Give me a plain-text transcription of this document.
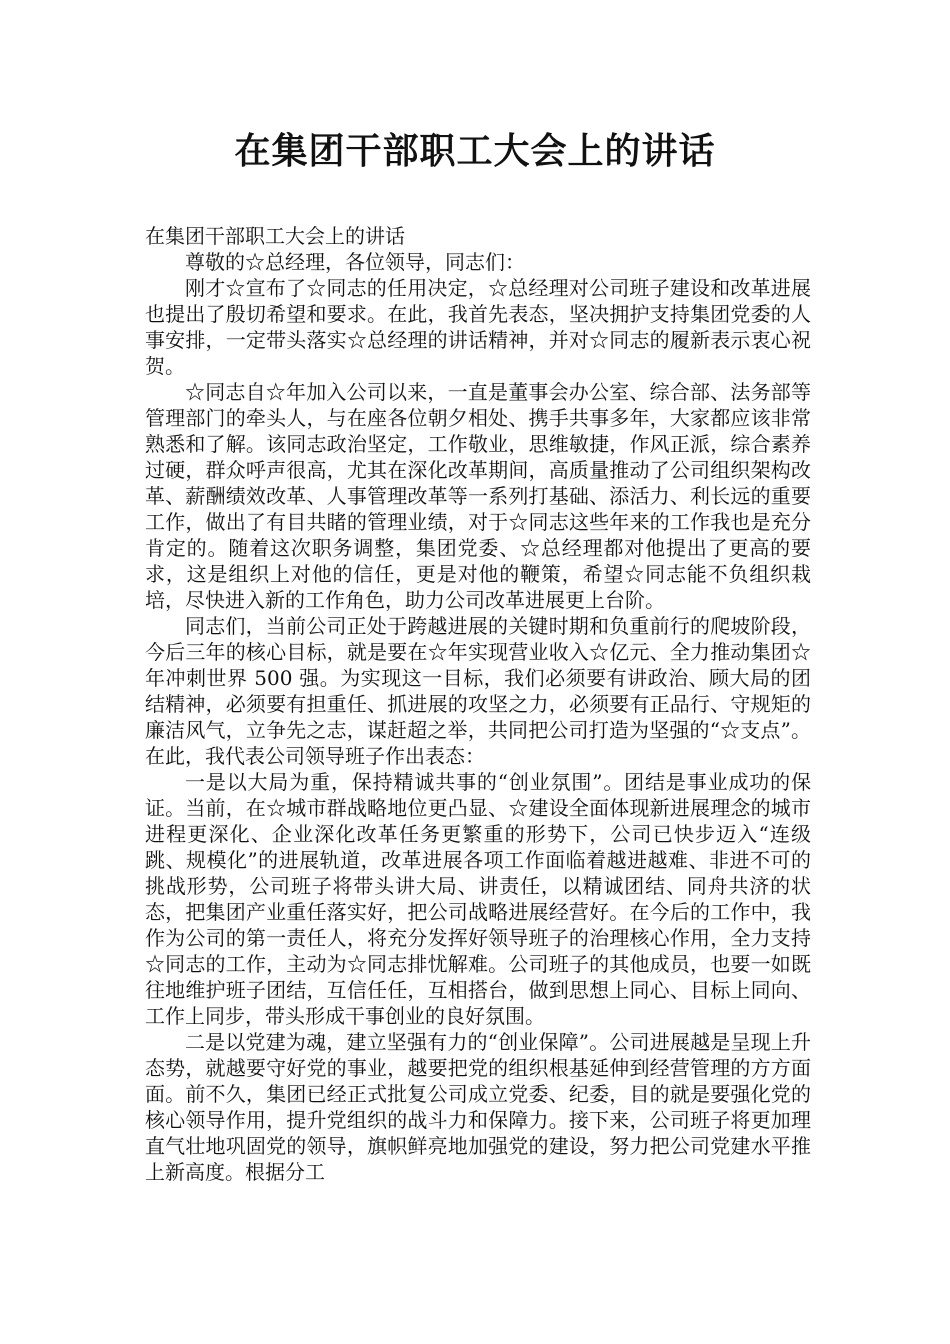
在集团干部职工大会上的讲话

在集团干部职工大会上的讲话

尊敬的☆总经理，各位领导，同志们：

刚才☆宣布了☆同志的任用决定，☆总经理对公司班子建设和改革进展也提出了殷切希望和要求。在此，我首先表态，坚决拥护支持集团党委的人事安排，一定带头落实☆总经理的讲话精神，并对☆同志的履新表示衷心祝贺。

☆同志自☆年加入公司以来，一直是董事会办公室、综合部、法务部等管理部门的牵头人，与在座各位朝夕相处、携手共事多年，大家都应该非常熟悉和了解。该同志政治坚定，工作敬业，思维敏捷，作风正派，综合素养过硬，群众呼声很高，尤其在深化改革期间，高质量推动了公司组织架构改革、薪酬绩效改革、人事管理改革等一系列打基础、添活力、利长远的重要工作，做出了有目共睹的管理业绩，对于☆同志这些年来的工作我也是充分肯定的。随着这次职务调整，集团党委、☆总经理都对他提出了更高的要求，这是组织上对他的信任，更是对他的鞭策，希望☆同志能不负组织栽培，尽快进入新的工作角色，助力公司改革进展更上台阶。

同志们，当前公司正处于跨越进展的关键时期和负重前行的爬坡阶段，今后三年的核心目标，就是要在☆年实现营业收入☆亿元、全力推动集团☆年冲刺世界 500 强。为实现这一目标，我们必须要有讲政治、顾大局的团结精神，必须要有担重任、抓进展的攻坚之力，必须要有正品行、守规矩的廉洁风气，立争先之志，谋赶超之举，共同把公司打造为坚强的“☆支点”。在此，我代表公司领导班子作出表态：

一是以大局为重，保持精诚共事的“创业氛围”。团结是事业成功的保证。当前，在☆城市群战略地位更凸显、☆建设全面体现新进展理念的城市进程更深化、企业深化改革任务更繁重的形势下，公司已快步迈入“连级跳、规模化”的进展轨道，改革进展各项工作面临着越进越难、非进不可的挑战形势，公司班子将带头讲大局、讲责任，以精诚团结、同舟共济的状态，把集团产业重任落实好，把公司战略进展经营好。在今后的工作中，我作为公司的第一责任人，将充分发挥好领导班子的治理核心作用，全力支持☆同志的工作，主动为☆同志排忧解难。公司班子的其他成员，也要一如既往地维护班子团结，互信任任，互相搭台，做到思想上同心、目标上同向、工作上同步，带头形成干事创业的良好氛围。

二是以党建为魂，建立坚强有力的“创业保障”。公司进展越是呈现上升态势，就越要守好党的事业，越要把党的组织根基延伸到经营管理的方方面面。前不久，集团已经正式批复公司成立党委、纪委，目的就是要强化党的核心领导作用，提升党组织的战斗力和保障力。接下来，公司班子将更加理直气壮地巩固党的领导，旗帜鲜亮地加强党的建设，努力把公司党建水平推上新高度。根据分工
